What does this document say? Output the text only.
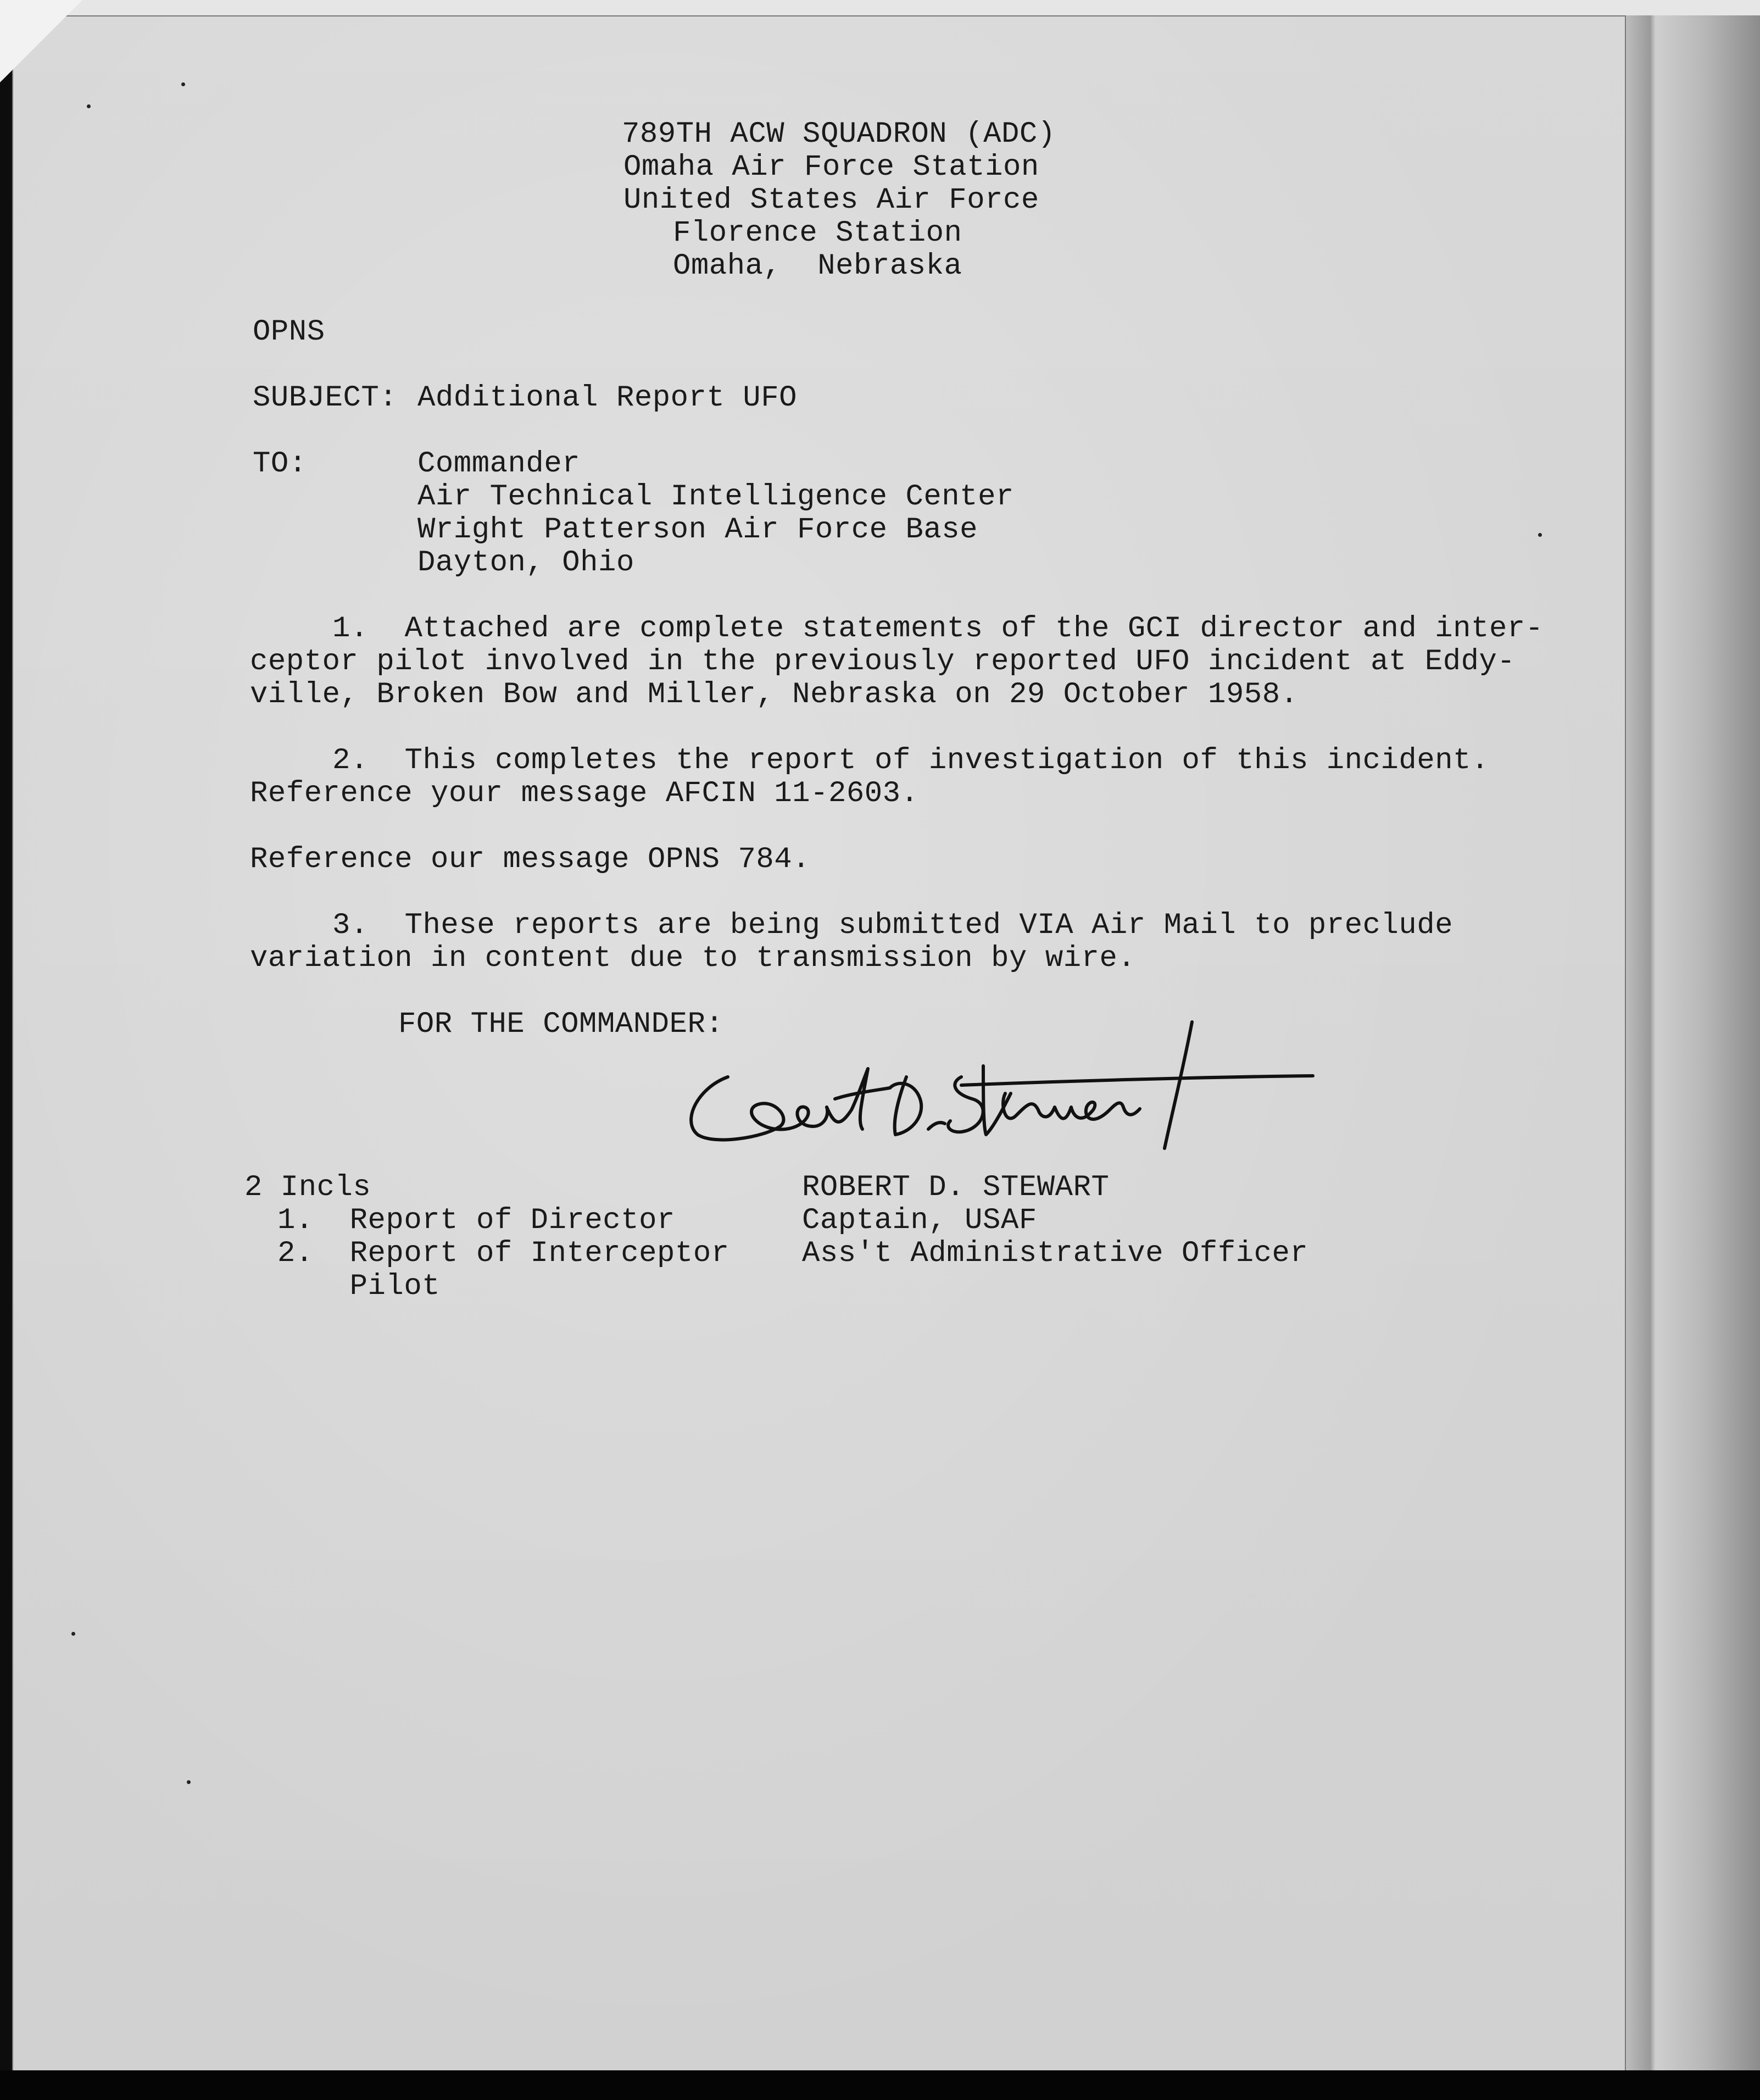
789TH ACW SQUADRON (ADC)
Omaha Air Force Station
United States Air Force
Florence Station
Omaha,  Nebraska
OPNS
SUBJECT: Additional Report UFO
TO:	Commander
Air Technical Intelligence Center
Wright Patterson Air Force Base
Dayton, Ohio
1.  Attached are complete statements of the GCI director and inter-
ceptor pilot involved in the previously reported UFO incident at Eddy-
ville, Broken Bow and Miller, Nebraska on 29 October 1958.
2.  This completes the report of investigation of this incident.
Reference your message AFCIN 11-2603.
Reference our message OPNS 784.
3.  These reports are being submitted VIA Air Mail to preclude
variation in content due to transmission by wire.
FOR THE COMMANDER:
2 Incls
1.  Report of Director
2.  Report of Interceptor
Pilot
ROBERT D. STEWART
Captain, USAF
Ass't Administrative Officer
